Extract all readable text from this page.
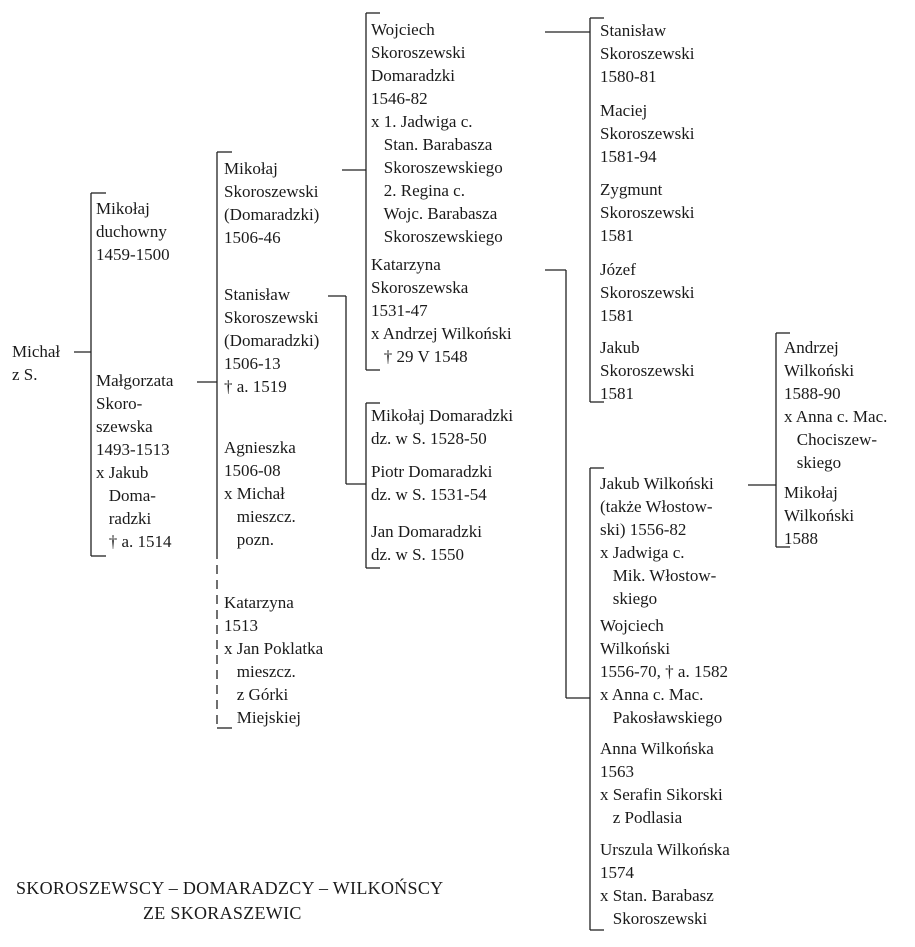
Michał
z S.
Mikołaj
duchowny
1459-1500
Małgorzata
Skoro-
szewska
1493-1513
x Jakub
Doma-
radzki
† a. 1514
Mikołaj
Skoroszewski
(Domaradzki)
1506-46
Stanisław
Skoroszewski
(Domaradzki)
1506-13
† a. 1519
Agnieszka
1506-08
x Michał
mieszcz.
pozn.
Katarzyna
1513
x Jan Poklatka
mieszcz.
z Górki
Miejskiej
Wojciech
Skoroszewski
Domaradzki
1546-82
x 1. Jadwiga c.
Stan. Barabasza
Skoroszewskiego
2. Regina c.
Wojc. Barabasza
Skoroszewskiego
Katarzyna
Skoroszewska
1531-47
x Andrzej Wilkoński
† 29 V 1548
Mikołaj Domaradzki
dz. w S. 1528-50
Piotr Domaradzki
dz. w S. 1531-54
Jan Domaradzki
dz. w S. 1550
Stanisław
Skoroszewski
1580-81
Maciej
Skoroszewski
1581-94
Zygmunt
Skoroszewski
1581
Józef
Skoroszewski
1581
Jakub
Skoroszewski
1581
Jakub Wilkoński
(także Włostow-
ski) 1556-82
x Jadwiga c.
Mik. Włostow-
skiego
Wojciech
Wilkoński
1556-70, † a. 1582
x Anna c. Mac.
Pakosławskiego
Anna Wilkońska
1563
x Serafin Sikorski
z Podlasia
Urszula Wilkońska
1574
x Stan. Barabasz
Skoroszewski
Andrzej
Wilkoński
1588-90
x Anna c. Mac.
Chociszew-
skiego
Mikołaj
Wilkoński
1588
SKOROSZEWSCY – DOMARADZCY – WILKOŃSCY
ZE SKORASZEWIC
